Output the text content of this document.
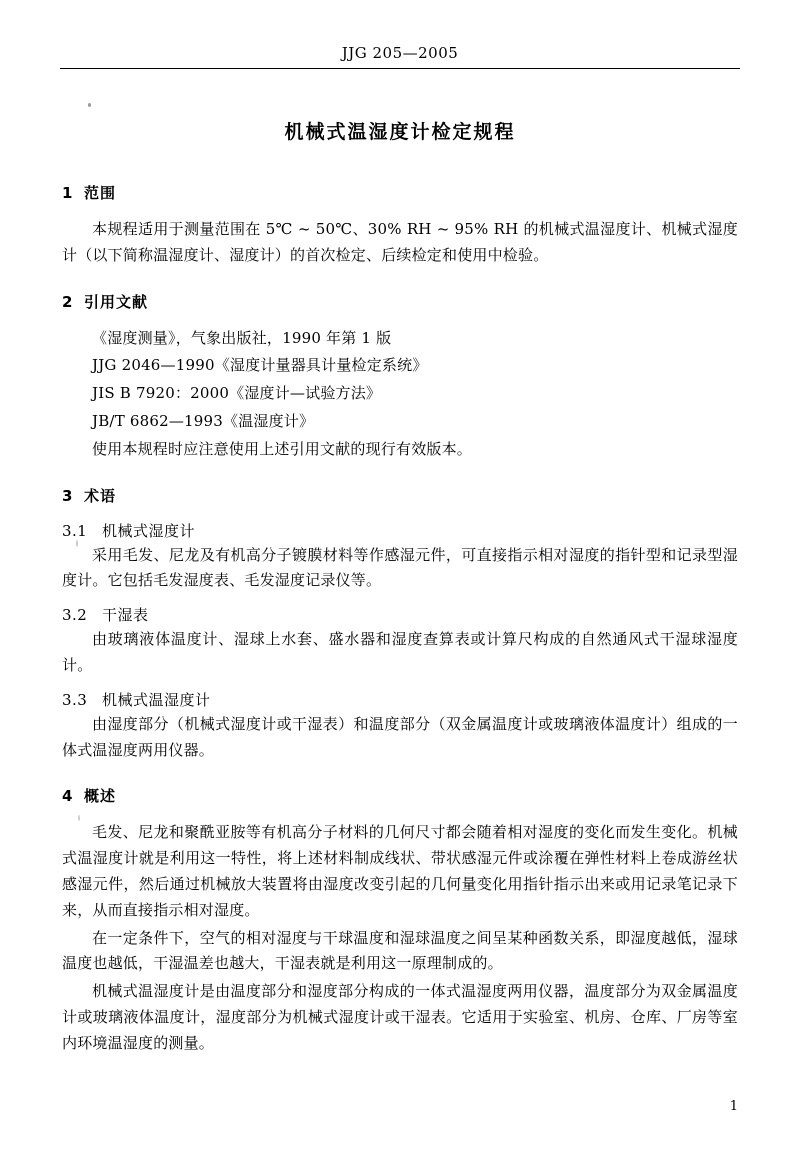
JJG 205—2005
机械式温湿度计检定规程
1 范围

本规程适用于测量范围在 5℃ ~ 50℃、30% RH ~ 95% RH 的机械式温湿度计、机械式湿度计（以下简称温湿度计、湿度计）的首次检定、后续检定和使用中检验。

2 引用文献

《湿度测量》，气象出版社，1990 年第 1 版

JJG 2046—1990《湿度计量器具计量检定系统》

JIS B 7920：2000《湿度计—试验方法》

JB/T 6862—1993《温湿度计》

使用本规程时应注意使用上述引用文献的现行有效版本。

3 术语
3.1 机械式湿度计

采用毛发、尼龙及有机高分子镀膜材料等作感湿元件，可直接指示相对湿度的指针型和记录型湿度计。它包括毛发湿度表、毛发湿度记录仪等。

3.2 干湿表

由玻璃液体温度计、湿球上水套、盛水器和湿度查算表或计算尺构成的自然通风式干湿球湿度计。

3.3 机械式温湿度计

由湿度部分（机械式湿度计或干湿表）和温度部分（双金属温度计或玻璃液体温度计）组成的一体式温湿度两用仪器。

4 概述

毛发、尼龙和聚酰亚胺等有机高分子材料的几何尺寸都会随着相对湿度的变化而发生变化。机械式温湿度计就是利用这一特性，将上述材料制成线状、带状感湿元件或涂覆在弹性材料上卷成游丝状感湿元件，然后通过机械放大装置将由湿度改变引起的几何量变化用指针指示出来或用记录笔记录下来，从而直接指示相对湿度。

在一定条件下，空气的相对湿度与干球温度和湿球温度之间呈某种函数关系，即湿度越低，湿球温度也越低，干湿温差也越大，干湿表就是利用这一原理制成的。

机械式温湿度计是由温度部分和湿度部分构成的一体式温湿度两用仪器，温度部分为双金属温度计或玻璃液体温度计，湿度部分为机械式湿度计或干湿表。它适用于实验室、机房、仓库、厂房等室内环境温湿度的测量。

1
